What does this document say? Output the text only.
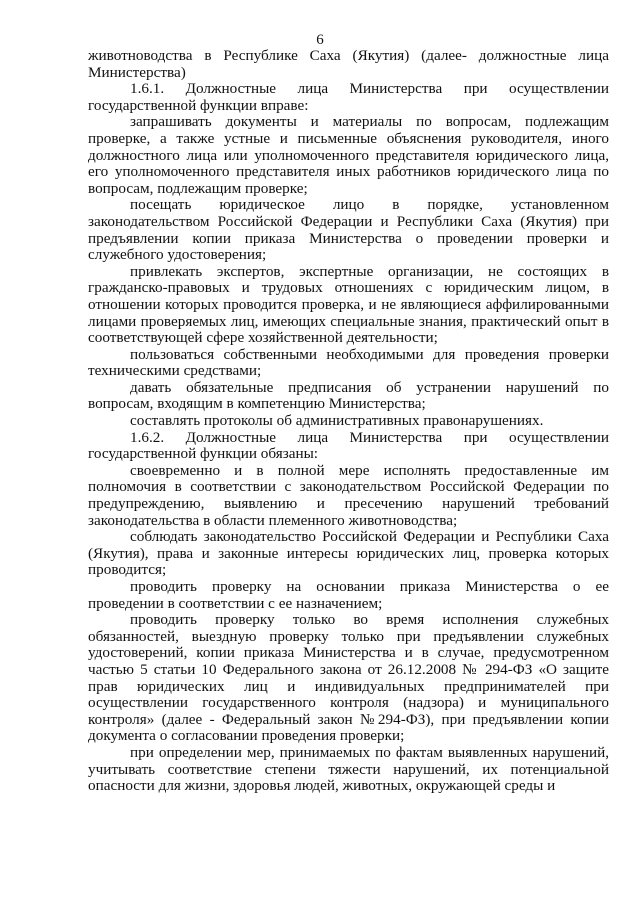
6

животноводства в Республике Саха (Якутия) (далее- должностные лица Министерства)

1.6.1. Должностные лица Министерства при осуществлении государственной функции вправе:

запрашивать документы и материалы по вопросам, подлежащим проверке, а также устные и письменные объяснения руководителя, иного должностного лица или уполномоченного представителя юридического лица, его уполномоченного представителя иных работников юридического лица по вопросам, подлежащим проверке;

посещать юридическое лицо в порядке, установленном законодательством Российской Федерации и Республики Саха (Якутия) при предъявлении копии приказа Министерства о проведении проверки и служебного удостоверения;

привлекать экспертов, экспертные организации, не состоящих в гражданско-правовых и трудовых отношениях с юридическим лицом, в отношении которых проводится проверка, и не являющиеся аффилированными лицами проверяемых лиц, имеющих специальные знания, практический опыт в соответствующей сфере хозяйственной деятельности;

пользоваться собственными необходимыми для проведения проверки техническими средствами;

давать обязательные предписания об устранении нарушений по вопросам, входящим в компетенцию Министерства;

составлять протоколы об административных правонарушениях.

1.6.2. Должностные лица Министерства при осуществлении государственной функции обязаны:

своевременно и в полной мере исполнять предоставленные им полномочия в соответствии с законодательством Российской Федерации по предупреждению, выявлению и пресечению нарушений требований законодательства в области племенного животноводства;

соблюдать законодательство Российской Федерации и Республики Саха (Якутия), права и законные интересы юридических лиц, проверка которых проводится;

проводить проверку на основании приказа Министерства о ее проведении в соответствии с ее назначением;

проводить проверку только во время исполнения служебных обязанностей, выездную проверку только при предъявлении служебных удостоверений, копии приказа Министерства и в случае, предусмотренном частью 5 статьи 10 Федерального закона от 26.12.2008 № 294-ФЗ «О защите прав юридических лиц и индивидуальных предпринимателей при осуществлении государственного контроля (надзора) и муниципального контроля» (далее - Федеральный закон №294-ФЗ), при предъявлении копии документа о согласовании проведения проверки;

при определении мер, принимаемых по фактам выявленных нарушений, учитывать соответствие степени тяжести нарушений, их потенциальной опасности для жизни, здоровья людей, животных, окружающей среды и
